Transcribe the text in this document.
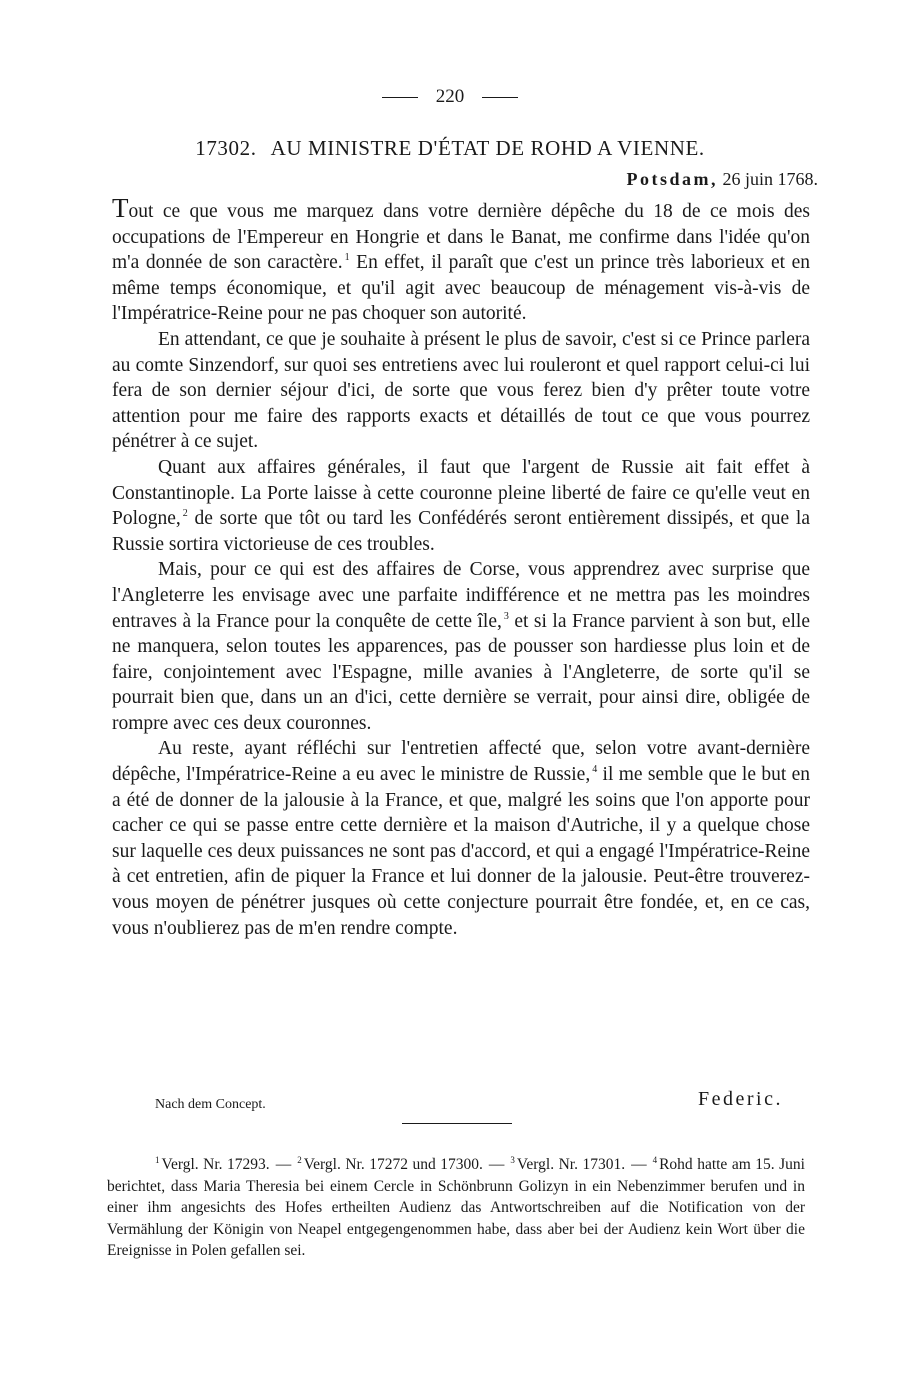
220
17302. AU MINISTRE D'ÉTAT DE ROHD A VIENNE.
Potsdam, 26 juin 1768.

Tout ce que vous me marquez dans votre dernière dépêche du 18 de ce mois des occupations de l'Empereur en Hongrie et dans le Banat, me confirme dans l'idée qu'on m'a donnée de son caractère. $^1$ En effet, il paraît que c'est un prince très laborieux et en même temps économique, et qu'il agit avec beaucoup de ménagement vis-à-vis de l'Impératrice-Reine pour ne pas choquer son autorité.

En attendant, ce que je souhaite à présent le plus de savoir, c'est si ce Prince parlera au comte Sinzendorf, sur quoi ses entretiens avec lui rouleront et quel rapport celui-ci lui fera de son dernier séjour d'ici, de sorte que vous ferez bien d'y prêter toute votre attention pour me faire des rapports exacts et détaillés de tout ce que vous pourrez pénétrer à ce sujet.

Quant aux affaires générales, il faut que l'argent de Russie ait fait effet à Constantinople. La Porte laisse à cette couronne pleine liberté de faire ce qu'elle veut en Pologne, $^2$ de sorte que tôt ou tard les Confédérés seront entièrement dissipés, et que la Russie sortira victorieuse de ces troubles.

Mais, pour ce qui est des affaires de Corse, vous apprendrez avec surprise que l'Angleterre les envisage avec une parfaite indifférence et ne mettra pas les moindres entraves à la France pour la conquête de cette île, $^3$ et si la France parvient à son but, elle ne manquera, selon toutes les apparences, pas de pousser son hardiesse plus loin et de faire, conjointement avec l'Espagne, mille avanies à l'Angleterre, de sorte qu'il se pourrait bien que, dans un an d'ici, cette dernière se verrait, pour ainsi dire, obligée de rompre avec ces deux couronnes.

Au reste, ayant réfléchi sur l'entretien affecté que, selon votre avant-dernière dépêche, l'Impératrice-Reine a eu avec le ministre de Russie, $^4$ il me semble que le but en a été de donner de la jalousie à la France, et que, malgré les soins que l'on apporte pour cacher ce qui se passe entre cette dernière et la maison d'Autriche, il y a quelque chose sur laquelle ces deux puissances ne sont pas d'accord, et qui a engagé l'Impératrice-Reine à cet entretien, afin de piquer la France et lui donner de la jalousie. Peut-être trouverez-vous moyen de pénétrer jusques où cette conjecture pourrait être fondée, et, en ce cas, vous n'oublierez pas de m'en rendre compte.

Nach dem Concept.	Federic.

$^1$ Vergl. Nr. 17293. — $^2$ Vergl. Nr. 17272 und 17300. — $^3$ Vergl. Nr. 17301. — $^4$ Rohd hatte am 15. Juni berichtet, dass Maria Theresia bei einem Cercle in Schönbrunn Golizyn in ein Nebenzimmer berufen und in einer ihm angesichts des Hofes ertheilten Audienz das Antwortschreiben auf die Notification von der Vermählung der Königin von Neapel entgegengenommen habe, dass aber bei der Audienz kein Wort über die Ereignisse in Polen gefallen sei.
